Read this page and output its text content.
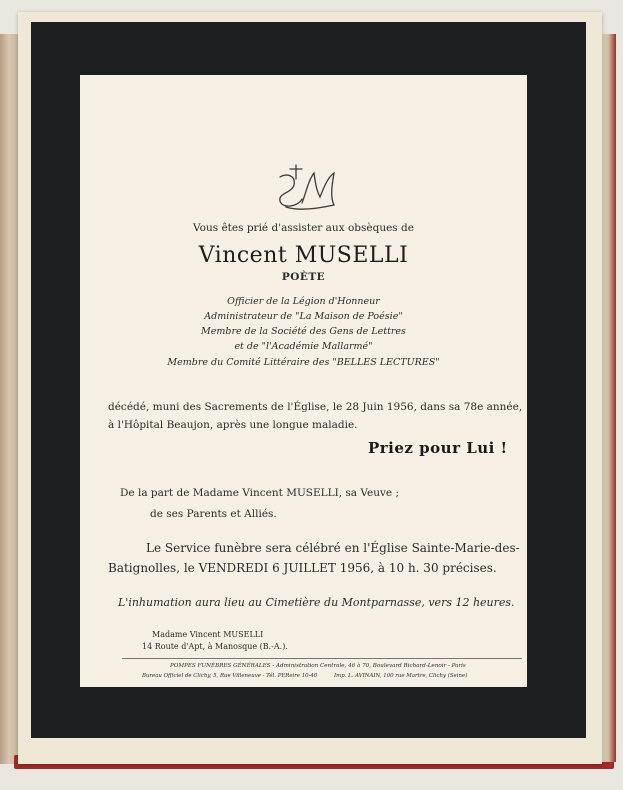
Vous êtes prié d'assister aux obsèques de
Vincent MUSELLI
POÈTE
Officier de la Légion d'Honneur
Administrateur de "La Maison de Poésie"
Membre de la Société des Gens de Lettres
et de "l'Académie Mallarmé"
Membre du Comité Littéraire des "BELLES LECTURES"
décédé, muni des Sacrements de l'Église, le 28 Juin 1956, dans sa 78e année,
à l'Hôpital Beaujon, après une longue maladie.
Priez pour Lui !
De la part de Madame Vincent MUSELLI, sa Veuve ;
de ses Parents et Alliés.
Le Service funèbre sera célébré en l'Église Sainte-Marie-des-
Batignolles, le VENDREDI 6 JUILLET 1956, à 10 h. 30 précises.
L'inhumation aura lieu au Cimetière du Montparnasse, vers 12 heures.
Madame Vincent MUSELLI
14 Route d'Apt, à Manosque (B.-A.).
POMPES FUNÈBRES GÉNÉRALES - Administration Centrale, 46 à 70, Boulevard Richard-Lenoir - Paris
Bureau Officiel de Clichy, 5, Rue Villeneuve - Tél. PEReire 10-40	Imp. L. AVINAIN, 100 rue Martre, Clichy (Seine)
